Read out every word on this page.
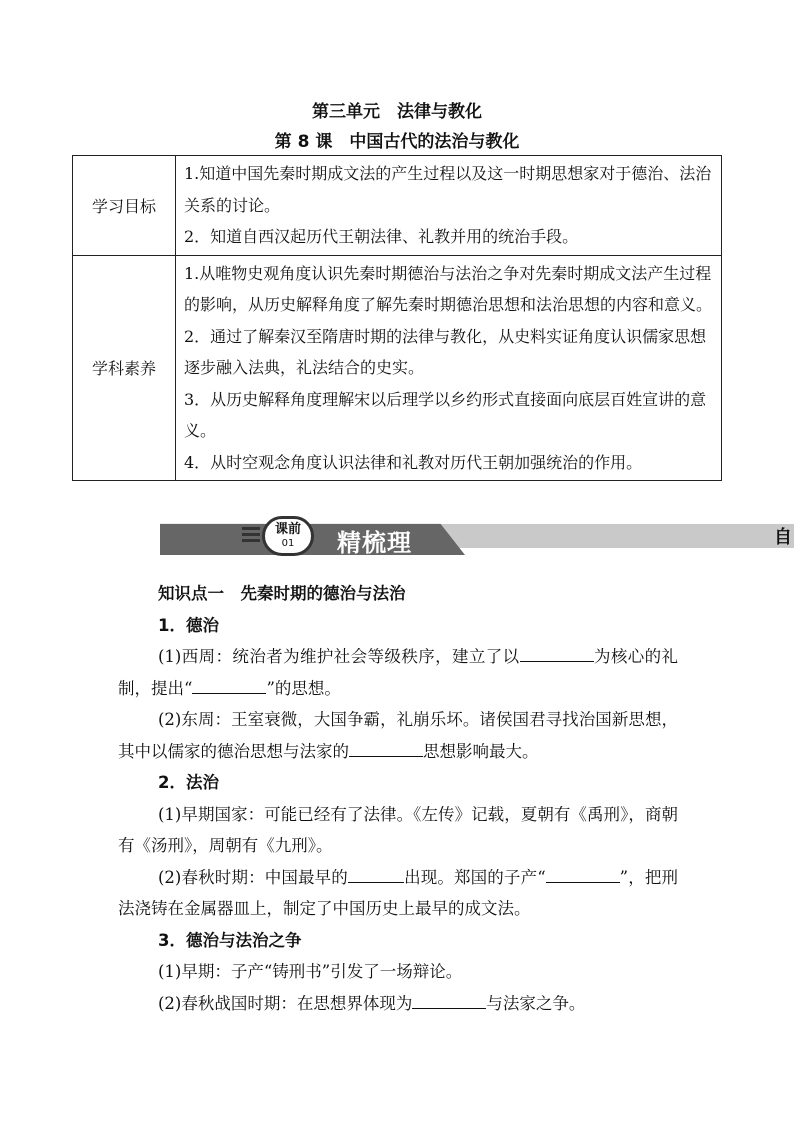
第三单元　法律与教化
第 8 课　中国古代的法治与教化
学习目标	1.知道中国先秦时期成文法的产生过程以及这一时期思想家对于德治、法治关系的讨论。

2．知道自西汉起历代王朝法律、礼教并用的统治手段。

学科素养	1.从唯物史观角度认识先秦时期德治与法治之争对先秦时期成文法产生过程的影响，从历史解释角度了解先秦时期德治思想和法治思想的内容和意义。

2．通过了解秦汉至隋唐时期的法律与教化，从史料实证角度认识儒家思想逐步融入法典，礼法结合的史实。

3．从历史解释角度理解宋以后理学以乡约形式直接面向底层百姓宣讲的意义。

4．从时空观念角度认识法律和礼教对历代王朝加强统治的作用。

课前
01	精梳理	自

知识点一　先秦时期的德治与法治

1．德治

(1)西周：统治者为维护社会等级秩序，建立了以	为核心的礼制，提出“	”的思想。

(2)东周：王室衰微，大国争霸，礼崩乐坏。诸侯国君寻找治国新思想，其中以儒家的德治思想与法家的	思想影响最大。

2．法治

(1)早期国家：可能已经有了法律。《左传》记载，夏朝有《禹刑》，商朝有《汤刑》，周朝有《九刑》。

(2)春秋时期：中国最早的	出现。郑国的子产“	”，把刑法浇铸在金属器皿上，制定了中国历史上最早的成文法。

3．德治与法治之争

(1)早期：子产“铸刑书”引发了一场辩论。

(2)春秋战国时期：在思想界体现为	与法家之争。
